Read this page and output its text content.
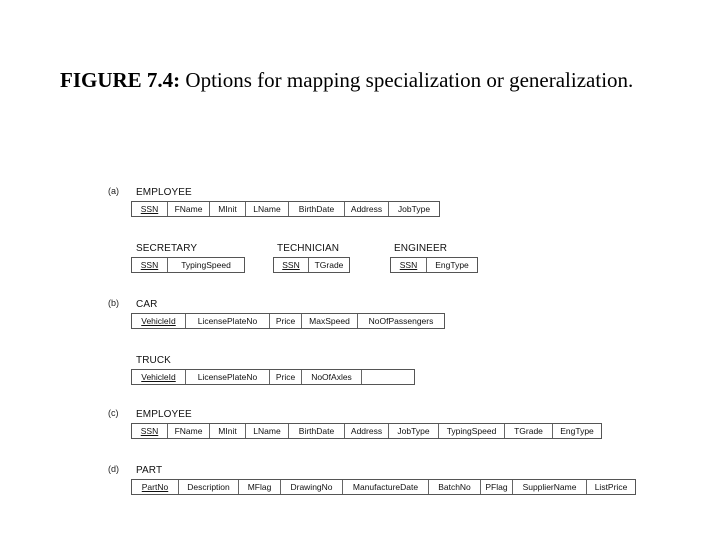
FIGURE 7.4: Options for mapping specialization or generalization.
(a) EMPLOYEE
SSN	FName	MInit	LName	BirthDate	Address	JobType
SECRETARY
SSN	TypingSpeed
TECHNICIAN
SSN	TGrade
ENGINEER
SSN	EngType
(b) CAR
VehicleId	LicensePlateNo	Price	MaxSpeed	NoOfPassengers
TRUCK
VehicleId	LicensePlateNo	Price	NoOfAxles
(c) EMPLOYEE
SSN	FName	MInit	LName	BirthDate	Address	JobType	TypingSpeed	TGrade	EngType
(d) PART
PartNo	Description	MFlag	DrawingNo	ManufactureDate	BatchNo	PFlag	SupplierName	ListPrice
